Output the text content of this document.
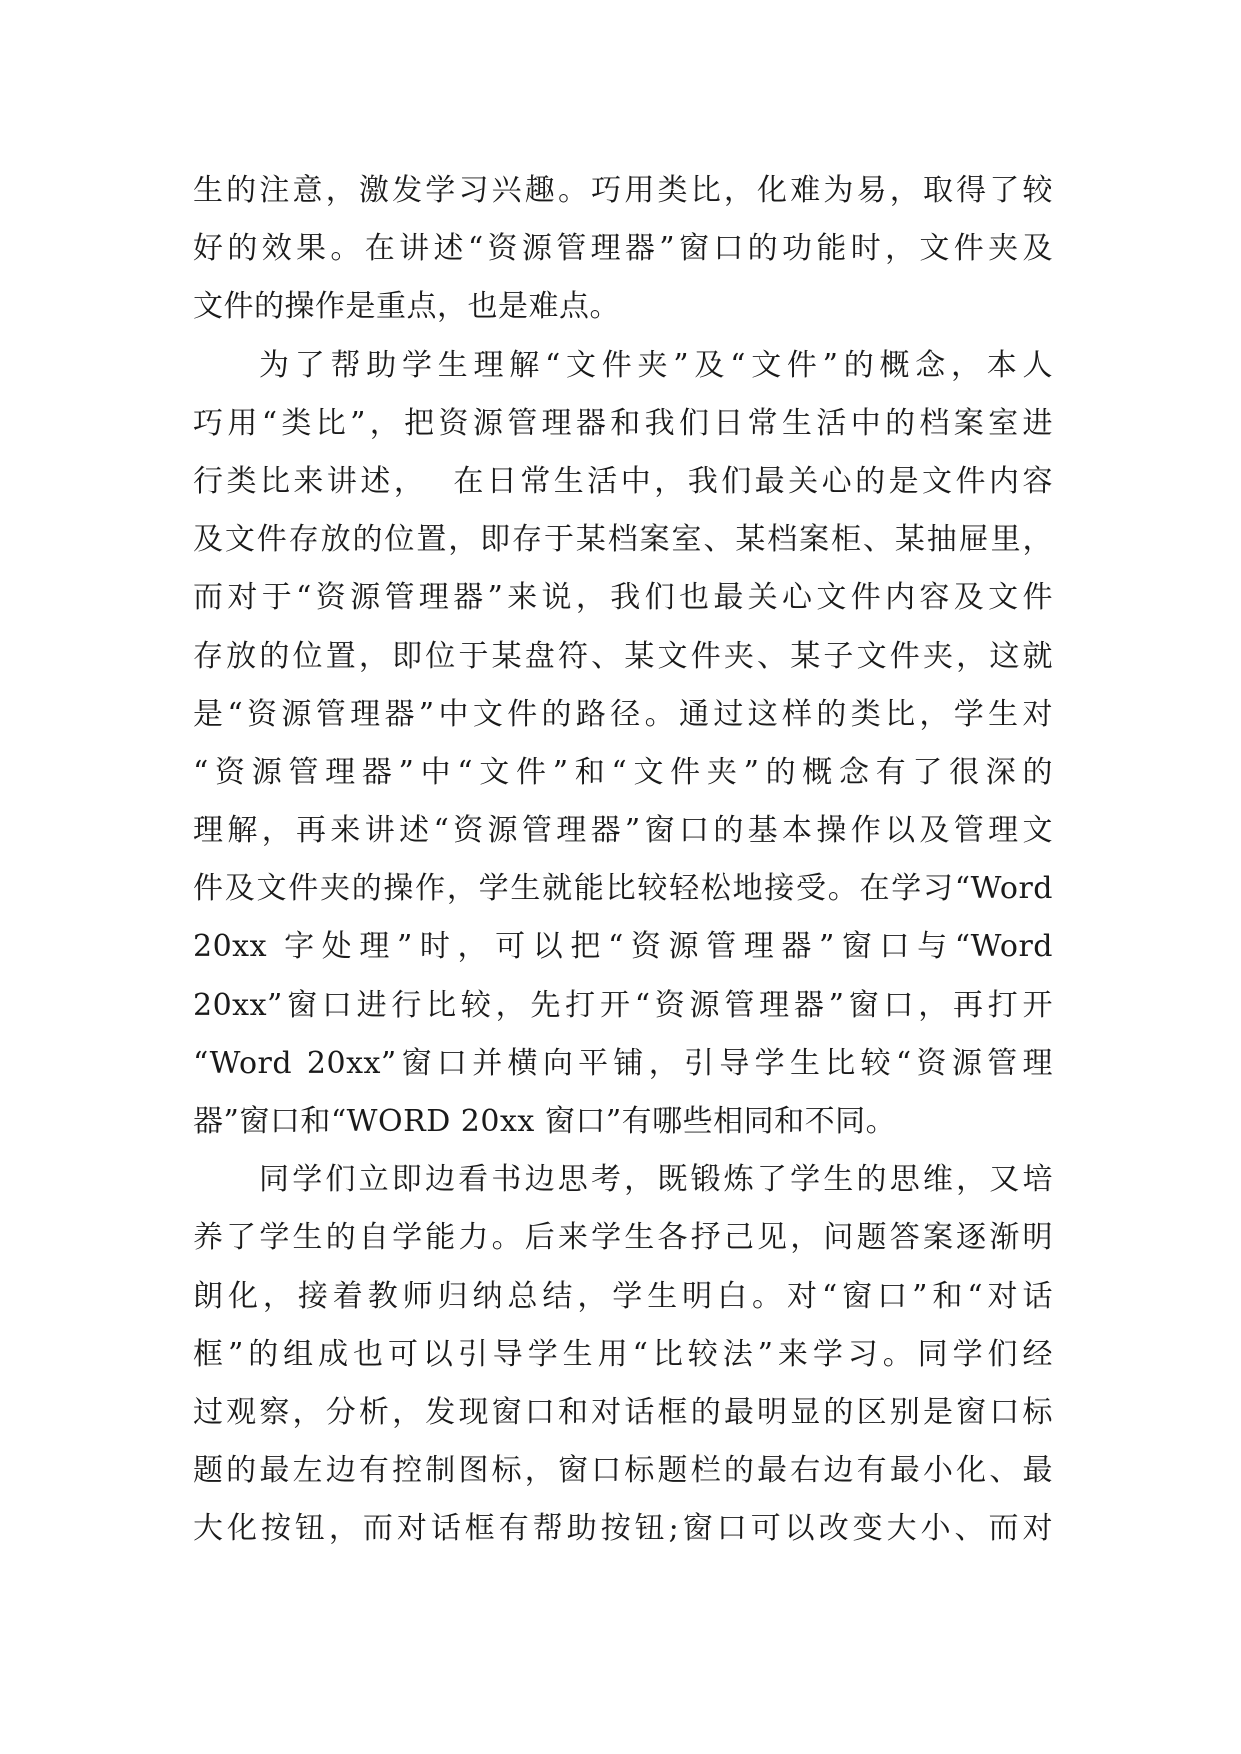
生的注意，激发学习兴趣。巧用类比，化难为易，取得了较
好的效果。在讲述“资源管理器”窗口的功能时，文件夹及
文件的操作是重点，也是难点。
为了帮助学生理解“文件夹”及“文件”的概念，本人
巧用“类比”，把资源管理器和我们日常生活中的档案室进
行类比来讲述，  在日常生活中，我们最关心的是文件内容
及文件存放的位置，即存于某档案室、某档案柜、某抽屉里，
而对于“资源管理器”来说，我们也最关心文件内容及文件
存放的位置，即位于某盘符、某文件夹、某子文件夹，这就
是“资源管理器”中文件的路径。通过这样的类比，学生对
“资源管理器”中“文件”和“文件夹”的概念有了很深的
理解，再来讲述“资源管理器”窗口的基本操作以及管理文
件及文件夹的操作，学生就能比较轻松地接受。在学习“Word
20xx 字处理”时，可以把“资源管理器”窗口与“Word
20xx”窗口进行比较，先打开“资源管理器”窗口，再打开
“Word 20xx”窗口并横向平铺，引导学生比较“资源管理
器”窗口和“WORD 20xx 窗口”有哪些相同和不同。
同学们立即边看书边思考，既锻炼了学生的思维，又培
养了学生的自学能力。后来学生各抒己见，问题答案逐渐明
朗化，接着教师归纳总结，学生明白。对“窗口”和“对话
框”的组成也可以引导学生用“比较法”来学习。同学们经
过观察，分析，发现窗口和对话框的最明显的区别是窗口标
题的最左边有控制图标，窗口标题栏的最右边有最小化、最
大化按钮，而对话框有帮助按钮;窗口可以改变大小、而对
